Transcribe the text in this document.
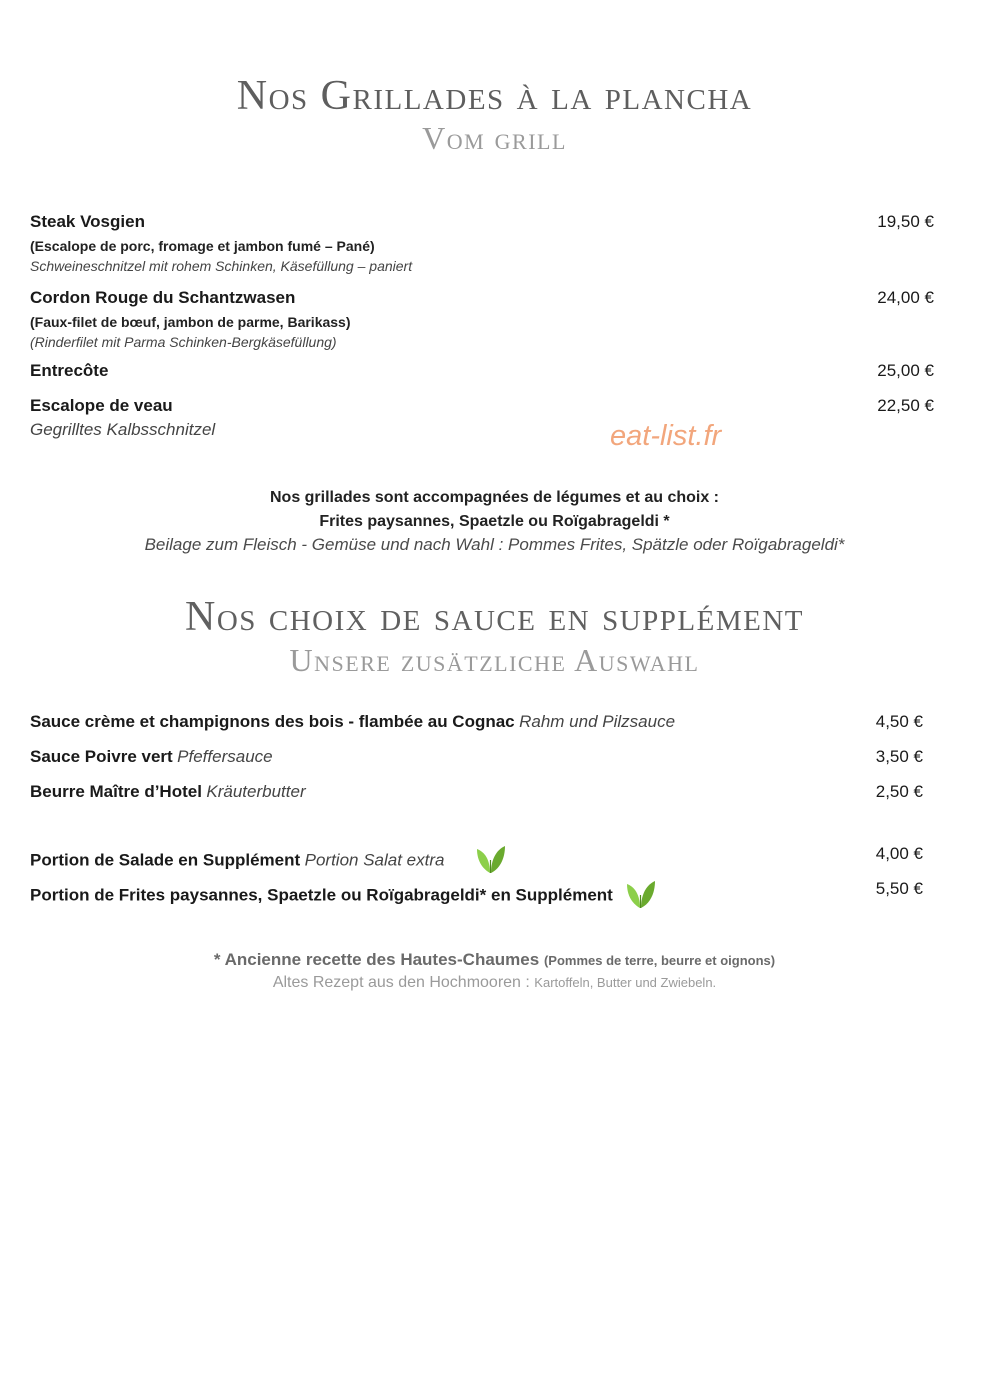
Nos Grillades à la plancha
Vom grill
Steak Vosgien	19,50 €
(Escalope de porc, fromage et jambon fumé – Pané)
Schweineschnitzel mit rohem Schinken, Käsefüllung – paniert
Cordon Rouge du Schantzwasen	24,00 €
(Faux-filet de bœuf, jambon de parme, Barikass)
(Rinderfilet mit Parma Schinken-Bergkäsefüllung)
Entrecôte	25,00 €
Escalope de veau	22,50 €
Gegrilltes Kalbsschnitzel	eat-list.fr
Nos grillades sont accompagnées de légumes et au choix :
Frites paysannes, Spaetzle ou Roïgabrageldi *
Beilage zum Fleisch - Gemüse und nach Wahl : Pommes Frites, Spätzle oder Roïgabrageldi*
Nos choix de sauce en supplément
Unsere zusätzliche Auswahl
Sauce crème et champignons des bois - flambée au Cognac Rahm und Pilzsauce	4,50 €
Sauce Poivre vert Pfeffersauce	3,50 €
Beurre Maître d’Hotel Kräuterbutter	2,50 €
Portion de Salade en Supplément Portion Salat extra	4,00 €
Portion de Frites paysannes, Spaetzle ou Roïgabrageldi* en Supplément	5,50 €
* Ancienne recette des Hautes-Chaumes (Pommes de terre, beurre et oignons)
Altes Rezept aus den Hochmooren : Kartoffeln, Butter und Zwiebeln.
